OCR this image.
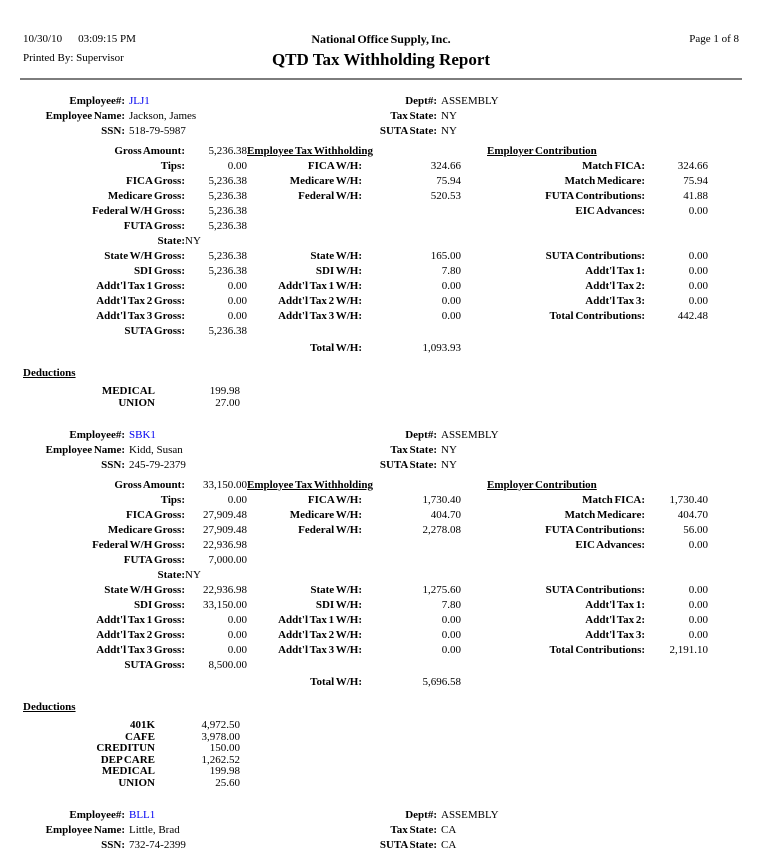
10/30/10 03:09:15 PM
Printed By: Supervisor
National Office Supply, Inc.
QTD Tax Withholding Report
Page 1 of 8
Employee#: JLJ1
Employee Name: Jackson, James
SSN: 518-79-5987
Dept#: ASSEMBLY
Tax State: NY
SUTA State: NY
Gross Amount:	5,236.38	Employee Tax Withholding		Employer Contribution	
Tips:	0.00	FICA W/H:	324.66	Match FICA:	324.66
FICA Gross:	5,236.38	Medicare W/H:	75.94	Match Medicare:	75.94
Medicare Gross:	5,236.38	Federal W/H:	520.53	FUTA Contributions:	41.88
Federal W/H Gross:	5,236.38			EIC Advances:	0.00
FUTA Gross:	5,236.38				
State:	NY				
State W/H Gross:	5,236.38	State W/H:	165.00	SUTA Contributions:	0.00
SDI Gross:	5,236.38	SDI W/H:	7.80	Addt'l Tax 1:	0.00
Addt'l Tax 1 Gross:	0.00	Addt'l Tax 1 W/H:	0.00	Addt'l Tax 2:	0.00
Addt'l Tax 2 Gross:	0.00	Addt'l Tax 2 W/H:	0.00	Addt'l Tax 3:	0.00
Addt'l Tax 3 Gross:	0.00	Addt'l Tax 3 W/H:	0.00	Total Contributions:	442.48
SUTA Gross:	5,236.38				
		Total W/H:	1,093.93		
Deductions
MEDICAL	199.98
UNION	27.00
Employee#: SBK1
Employee Name: Kidd, Susan
SSN: 245-79-2379
Dept#: ASSEMBLY
Tax State: NY
SUTA State: NY
Gross Amount:	33,150.00	Employee Tax Withholding		Employer Contribution	
Tips:	0.00	FICA W/H:	1,730.40	Match FICA:	1,730.40
FICA Gross:	27,909.48	Medicare W/H:	404.70	Match Medicare:	404.70
Medicare Gross:	27,909.48	Federal W/H:	2,278.08	FUTA Contributions:	56.00
Federal W/H Gross:	22,936.98			EIC Advances:	0.00
FUTA Gross:	7,000.00				
State:	NY				
State W/H Gross:	22,936.98	State W/H:	1,275.60	SUTA Contributions:	0.00
SDI Gross:	33,150.00	SDI W/H:	7.80	Addt'l Tax 1:	0.00
Addt'l Tax 1 Gross:	0.00	Addt'l Tax 1 W/H:	0.00	Addt'l Tax 2:	0.00
Addt'l Tax 2 Gross:	0.00	Addt'l Tax 2 W/H:	0.00	Addt'l Tax 3:	0.00
Addt'l Tax 3 Gross:	0.00	Addt'l Tax 3 W/H:	0.00	Total Contributions:	2,191.10
SUTA Gross:	8,500.00				
		Total W/H:	5,696.58		
Deductions
401K	4,972.50
CAFE	3,978.00
CREDITUN	150.00
DEP CARE	1,262.52
MEDICAL	199.98
UNION	25.60
Employee#: BLL1
Employee Name: Little, Brad
SSN: 732-74-2399
Dept#: ASSEMBLY
Tax State: CA
SUTA State: CA
